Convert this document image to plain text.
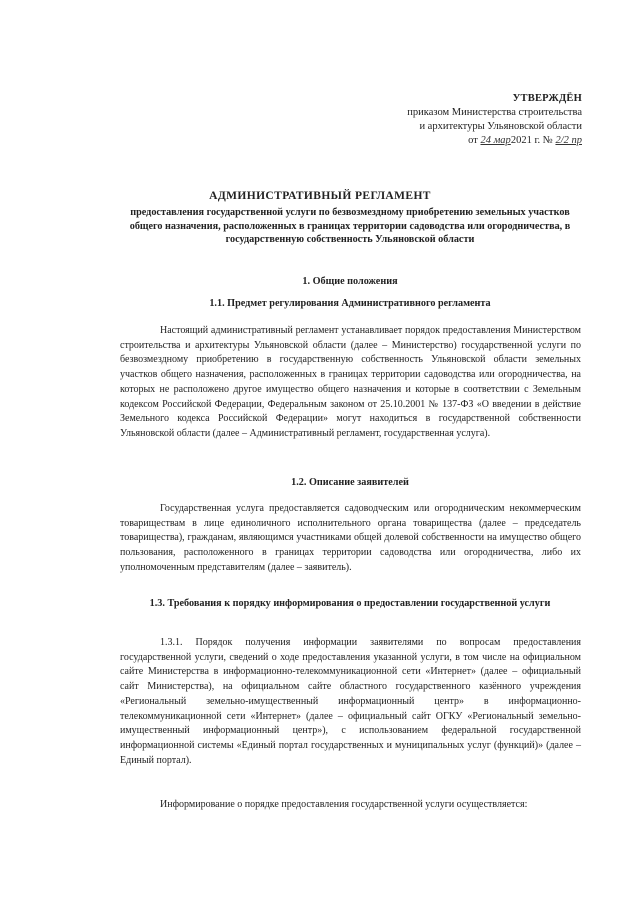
УТВЕРЖДЁН
приказом Министерства строительства
и архитектуры Ульяновской области
от 24 мар2021 г. № 2/2 пр
АДМИНИСТРАТИВНЫЙ РЕГЛАМЕНТ
предоставления государственной услуги по безвозмездному приобретению земельных участков общего назначения, расположенных в границах территории садоводства или огородничества, в государственную собственность Ульяновской области
1. Общие положения
1.1. Предмет регулирования Административного регламента

Настоящий административный регламент устанавливает порядок предоставления Министерством строительства и архитектуры Ульяновской области (далее – Министерство) государственной услуги по безвозмездному приобретению в государственную собственность Ульяновской области земельных участков общего назначения, расположенных в границах территории садоводства или огородничества, на которых не расположено другое имущество общего назначения и которые в соответствии с Земельным кодексом Российской Федерации, Федеральным законом от 25.10.2001 № 137-ФЗ «О введении в действие Земельного кодекса Российской Федерации» могут находиться в государственной собственности Ульяновской области (далее – Административный регламент, государственная услуга).

1.2. Описание заявителей

Государственная услуга предоставляется садоводческим или огородническим некоммерческим товариществам в лице единоличного исполнительного органа товарищества (далее – председатель товарищества), гражданам, являющимся участниками общей долевой собственности на имущество общего пользования, расположенного в границах территории садоводства или огородничества, либо их уполномоченным представителям (далее – заявитель).

1.3. Требования к порядку информирования о предоставлении государственной услуги

1.3.1. Порядок получения информации заявителями по вопросам предоставления государственной услуги, сведений о ходе предоставления указанной услуги, в том числе на официальном сайте Министерства в информационно-телекоммуникационной сети «Интернет» (далее – официальный сайт Министерства), на официальном сайте областного государственного казённого учреждения «Региональный земельно-имущественный информационный центр» в информационно-телекоммуникационной сети «Интернет» (далее – официальный сайт ОГКУ «Региональный земельно-имущественный информационный центр»), с использованием федеральной государственной информационной системы «Единый портал государственных и муниципальных услуг (функций)» (далее – Единый портал).

Информирование о порядке предоставления государственной услуги осуществляется:
